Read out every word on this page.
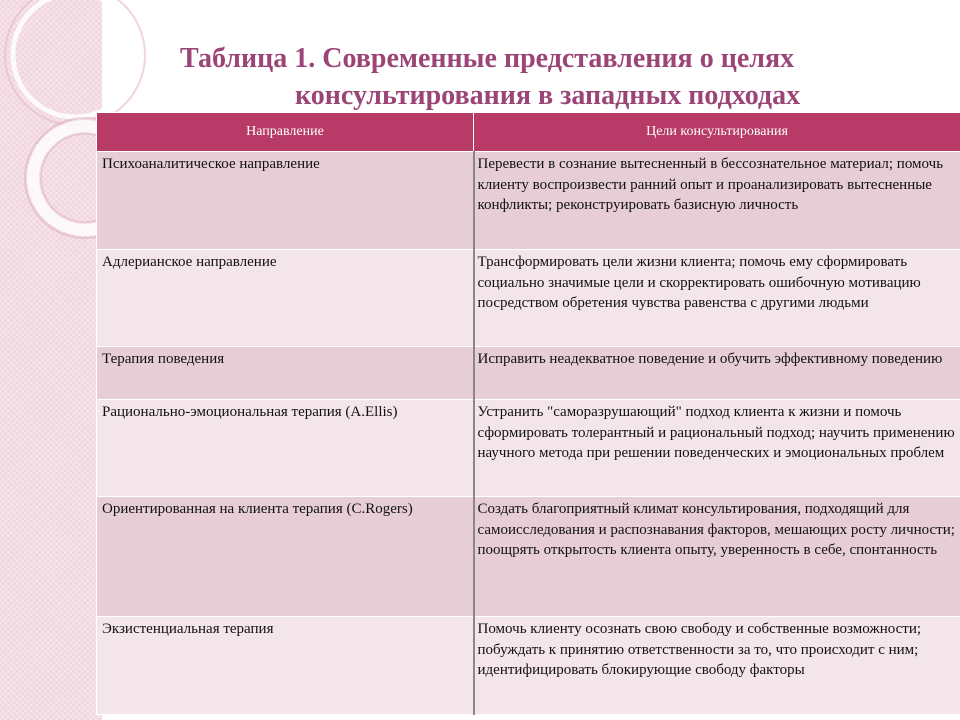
Таблица 1. Современные представления о целях
консультирования в западных подходах
Направление	Цели консультирования
Психоаналитическое направление	Перевести в сознание вытесненный в бессознательное материал; помочь клиенту воспроизвести ранний опыт и проанализировать вытесненные конфликты; реконструировать базисную личность
Адлерианское направление	Трансформировать цели жизни клиента; помочь ему сформировать социально значимые цели и скорректировать ошибочную мотивацию посредством обретения чувства равенства с другими людьми
Терапия поведения	Исправить неадекватное поведение и обучить эффективному поведению
Рационально-эмоциональная терапия (A.Ellis)	Устранить "саморазрушающий" подход клиента к жизни и помочь сформировать толерантный и рациональный подход; научить применению научного метода при решении поведенческих и эмоциональных проблем
Ориентированная на клиента терапия (C.Rogers)	Создать благоприятный климат консультирования, подходящий для самоисследования и распознавания факторов, мешающих росту личности; поощрять открытость клиента опыту, уверенность в себе, спонтанность
Экзистенциальная терапия	Помочь клиенту осознать свою свободу и собственные возможности; побуждать к принятию ответственности за то, что происходит с ним; идентифицировать блокирующие свободу факторы
